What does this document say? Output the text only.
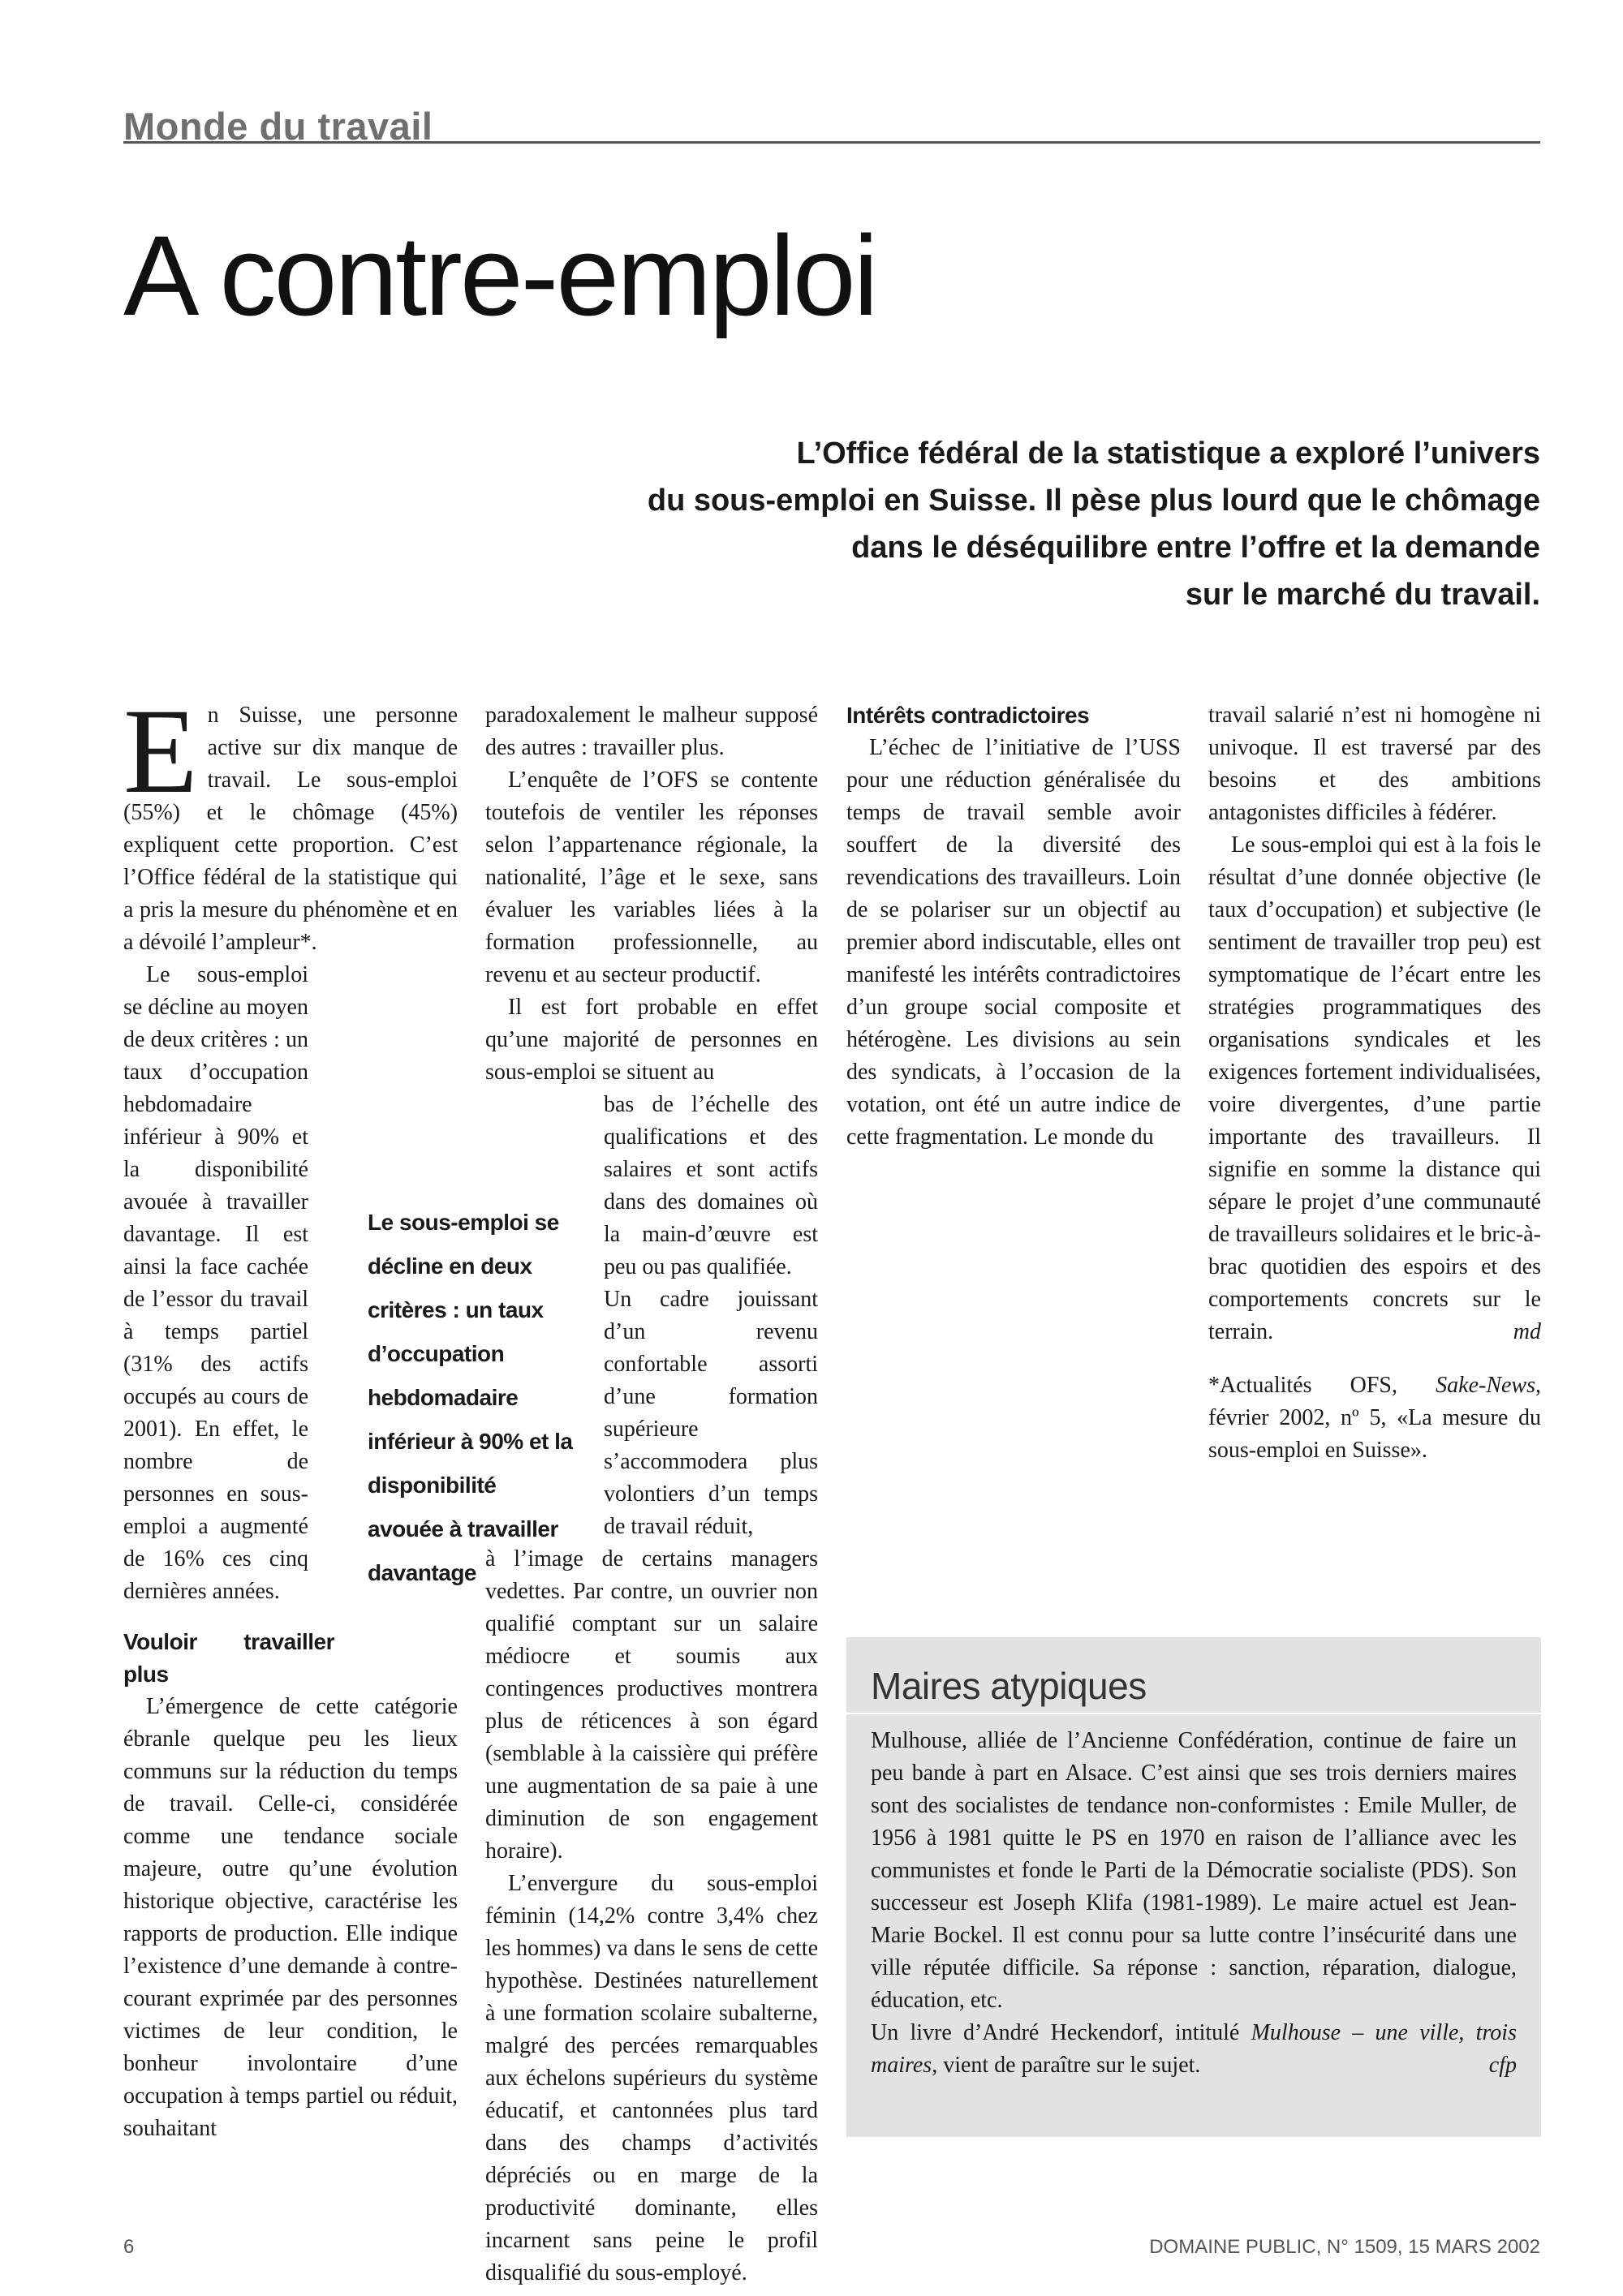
Monde du travail
A contre-emploi
L’Office fédéral de la statistique a exploré l’univers
du sous-emploi en Suisse. Il pèse plus lourd que le chômage
dans le déséquilibre entre l’offre et la demande
sur le marché du travail.

En Suisse, une personne active sur dix manque de travail. Le sous-emploi (55%) et le chômage (45%) expliquent cette proportion. C’est l’Office fédéral de la statistique qui a pris la mesure du phénomène et en a dévoilé l’ampleur*.

Le sous-emploi se décline au moyen de deux critères : un taux d’occupation hebdomadaire inférieur à 90% et la disponibilité avouée à travailler davantage. Il est ainsi la face cachée de l’essor du travail à temps partiel (31% des actifs occupés au cours de 2001). En effet, le nombre de personnes en sous-emploi a augmenté de 16% ces cinq dernières années.

Vouloir travailler plus

L’émergence de cette catégorie ébranle quelque peu les lieux communs sur la réduction du temps de travail. Celle-ci, considérée comme une tendance sociale majeure, outre qu’une évolution historique objective, caractérise les rapports de production. Elle indique l’existence d’une demande à contre-courant exprimée par des personnes victimes de leur condition, le bonheur involontaire d’une occupation à temps partiel ou réduit, souhaitant

Le sous-emploi se décline en deux critères : un taux d’occupation hebdomadaire inférieur à 90% et la disponibilité avouée à travailler davantage

paradoxalement le malheur supposé des autres : travailler plus.

L’enquête de l’OFS se contente toutefois de ventiler les réponses selon l’appartenance régionale, la nationalité, l’âge et le sexe, sans évaluer les variables liées à la formation professionnelle, au revenu et au secteur productif.

Il est fort probable en effet qu’une majorité de personnes en sous-emploi se situent au

bas de l’échelle des qualifications et des salaires et sont actifs dans des domaines où la main-d’œuvre est peu ou pas qualifiée.

Un cadre jouissant d’un revenu confortable assorti d’une formation supérieure s’accommodera plus volontiers d’un temps de travail réduit,

à l’image de certains managers vedettes. Par contre, un ouvrier non qualifié comptant sur un salaire médiocre et soumis aux contingences productives montrera plus de réticences à son égard (semblable à la caissière qui préfère une augmentation de sa paie à une diminution de son engagement horaire).

L’envergure du sous-emploi féminin (14,2% contre 3,4% chez les hommes) va dans le sens de cette hypothèse. Destinées naturellement à une formation scolaire subalterne, malgré des percées remarquables aux échelons supérieurs du système éducatif, et cantonnées plus tard dans des champs d’activités dépréciés ou en marge de la productivité dominante, elles incarnent sans peine le profil disqualifié du sous-employé.

Intérêts contradictoires

L’échec de l’initiative de l’USS pour une réduction généralisée du temps de travail semble avoir souffert de la diversité des revendications des travailleurs. Loin de se polariser sur un objectif au premier abord indiscutable, elles ont manifesté les intérêts contradictoires d’un groupe social composite et hétérogène. Les divisions au sein des syndicats, à l’occasion de la votation, ont été un autre indice de cette fragmentation. Le monde du

travail salarié n’est ni homogène ni univoque. Il est traversé par des besoins et des ambitions antagonistes difficiles à fédérer.

Le sous-emploi qui est à la fois le résultat d’une donnée objective (le taux d’occupation) et subjective (le sentiment de travailler trop peu) est symptomatique de l’écart entre les stratégies programmatiques des organisations syndicales et les exigences fortement individualisées, voire divergentes, d’une partie importante des travailleurs. Il signifie en somme la distance qui sépare le projet d’une communauté de travailleurs solidaires et le bric-à-brac quotidien des espoirs et des comportements concrets sur le terrain.	md

*Actualités OFS, Sake-News, février 2002, nº 5, «La mesure du sous-emploi en Suisse».

Maires atypiques

Mulhouse, alliée de l’Ancienne Confédération, continue de faire un peu bande à part en Alsace. C’est ainsi que ses trois derniers maires sont des socialistes de tendance non-conformistes : Emile Muller, de 1956 à 1981 quitte le PS en 1970 en raison de l’alliance avec les communistes et fonde le Parti de la Démocratie socialiste (PDS). Son successeur est Joseph Klifa (1981-1989). Le maire actuel est Jean-Marie Bockel. Il est connu pour sa lutte contre l’insécurité dans une ville réputée difficile. Sa réponse : sanction, réparation, dialogue, éducation, etc.

Un livre d’André Heckendorf, intitulé Mulhouse – une ville, trois maires, vient de paraître sur le sujet.	cfp

6	DOMAINE PUBLIC, N° 1509, 15 MARS 2002
